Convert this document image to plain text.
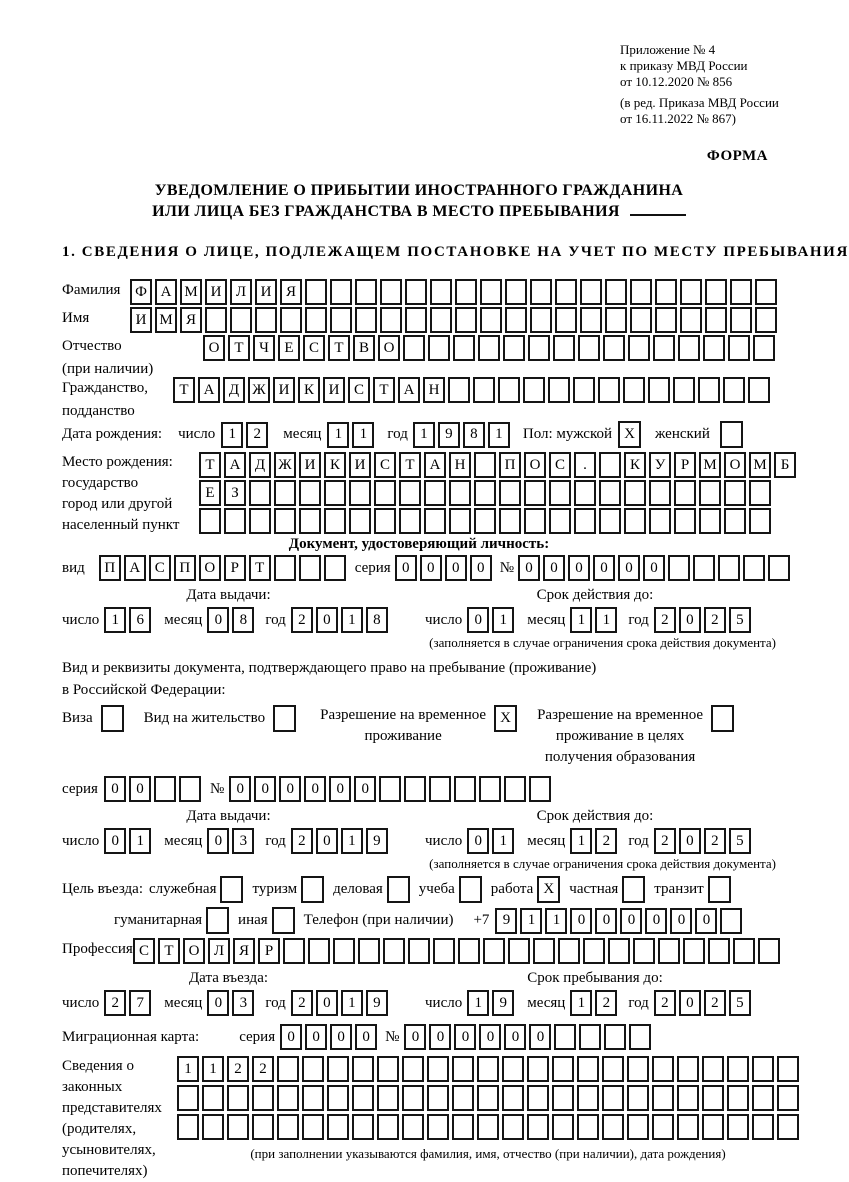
Приложение № 4
к приказу МВД России
от 10.12.2020 № 856
(в ред. Приказа МВД России
от 16.11.2022 № 867)
ФОРМА
УВЕДОМЛЕНИЕ О ПРИБЫТИИ ИНОСТРАННОГО ГРАЖДАНИНА
ИЛИ ЛИЦА БЕЗ ГРАЖДАНСТВА В МЕСТО ПРЕБЫВАНИЯ
1. СВЕДЕНИЯ О ЛИЦЕ, ПОДЛЕЖАЩЕМ ПОСТАНОВКЕ НА УЧЕТ ПО МЕСТУ ПРЕБЫВАНИЯ
Фамилия Ф А М И Л И Я
Имя	И М Я
Отчество
(при наличии)
О Т	Ч	Е	С	Т	В О
Гражданство,
подданство
Т	А Д Ж И К И С	Т	А Н
Дата рождения: число 1	2	месяц 1	1	год 1	9	8	1	Пол: мужской X	женский
Место рождения:
государство
город или другой
населенный пункт
Т	А Д Ж И К И С	Т	А Н	П О С	.	К У	Р М О М Б
Е	З
Документ, удостоверяющий личность:
вид	П А С П О	Р	Т	серия 0	0	0	0	№ 0	0	0	0	0	0
Дата выдачи:
число 1	6	месяц 0	8	год 2	0	1	8
Срок действия до:
число 0	1	месяц 1	1	год 2	0	2	5
(заполняется в случае ограничения срока действия документа)
Вид и реквизиты документа, подтверждающего право на пребывание (проживание)
в Российской Федерации:
Виза	Вид на жительство	Разрешение на временное
проживание
X	Разрешение на временное
проживание в целях
получения образования
серия 0	0	№ 0	0	0	0	0	0
Дата выдачи:
число 0	1	месяц 0	3	год 2	0	1	9
Срок действия до:
число 0	1	месяц 1	2	год 2	0	2	5
(заполняется в случае ограничения срока действия документа)
Цель въезда: служебная туризм деловая учеба работа X	частная транзит
гуманитарная иная Телефон (при наличии) +7 9	1	1	0	0	0	0	0	0
Профессия С	Т	О Л Я	Р
Дата въезда:
число 2	7	месяц 0	3	год 2	0	1	9
Срок пребывания до:
число 1	9	месяц 1	2	год 2	0	2	5
Миграционная карта:	серия 0	0	0	0	№ 0	0	0	0	0	0
Сведения о
законных
представителях
(родителях,
усыновителях,
попечителях)
1	1	2	2
(при заполнении указываются фамилия, имя, отчество (при наличии), дата рождения)
